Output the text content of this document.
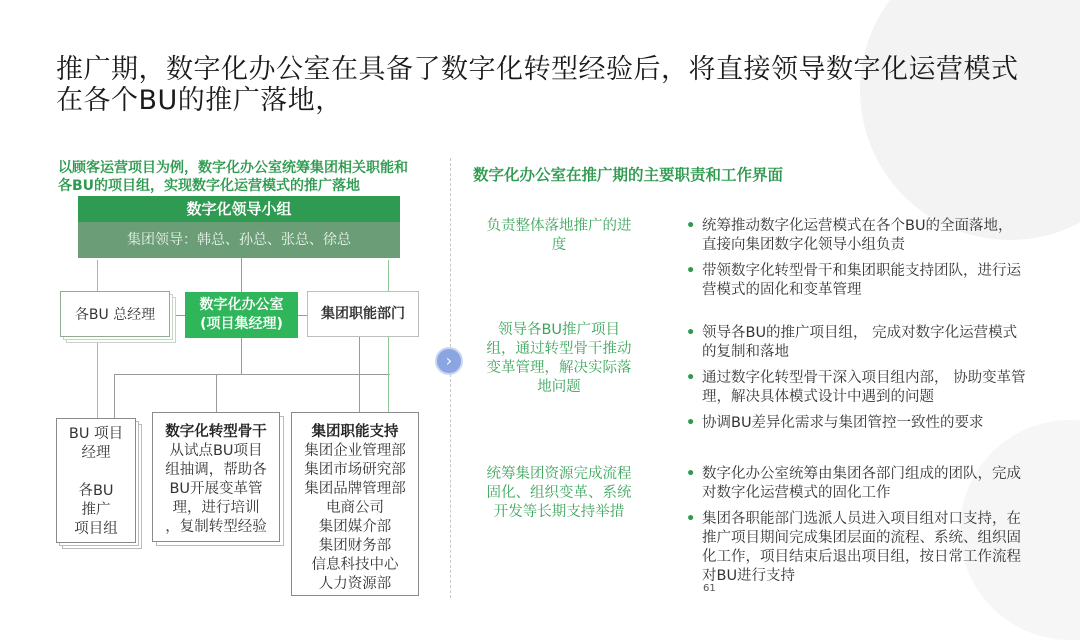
推广期，数字化办公室在具备了数字化转型经验后，将直接领导数字化运营模式在各个BU的推广落地，
以顾客运营项目为例，数字化办公室统筹集团相关职能和各BU的项目组，实现数字化运营模式的推广落地
数字化领导小组
集团领导：韩总、孙总、张总、徐总
各BU 总经理
数字化办公室
(项目集经理)
集团职能部门
BU 项目
经理
各BU
推广
项目组
数字化转型骨干
从试点BU项目
组抽调，帮助各
BU开展变革管
理，进行培训
，复制转型经验
集团职能支持
集团企业管理部
集团市场研究部
集团品牌管理部
电商公司
集团媒介部
集团财务部
信息科技中心
人力资源部
›
数字化办公室在推广期的主要职责和工作界面
负责整体落地推广的进度
• 统筹推动数字化运营模式在各个BU的全面落地，直接向集团数字化领导小组负责
• 带领数字化转型骨干和集团职能支持团队，进行运营模式的固化和变革管理
领导各BU推广项目组，通过转型骨干推动变革管理，解决实际落地问题
• 领导各BU的推广项目组， 完成对数字化运营模式的复制和落地
• 通过数字化转型骨干深入项目组内部， 协助变革管理，解决具体模式设计中遇到的问题
• 协调BU差异化需求与集团管控一致性的要求
统筹集团资源完成流程固化、组织变革、系统开发等长期支持举措
• 数字化办公室统筹由集团各部门组成的团队，完成对数字化运营模式的固化工作
• 集团各职能部门选派人员进入项目组对口支持，在推广项目期间完成集团层面的流程、系统、组织固化工作，项目结束后退出项目组，按日常工作流程对BU进行支持
61
